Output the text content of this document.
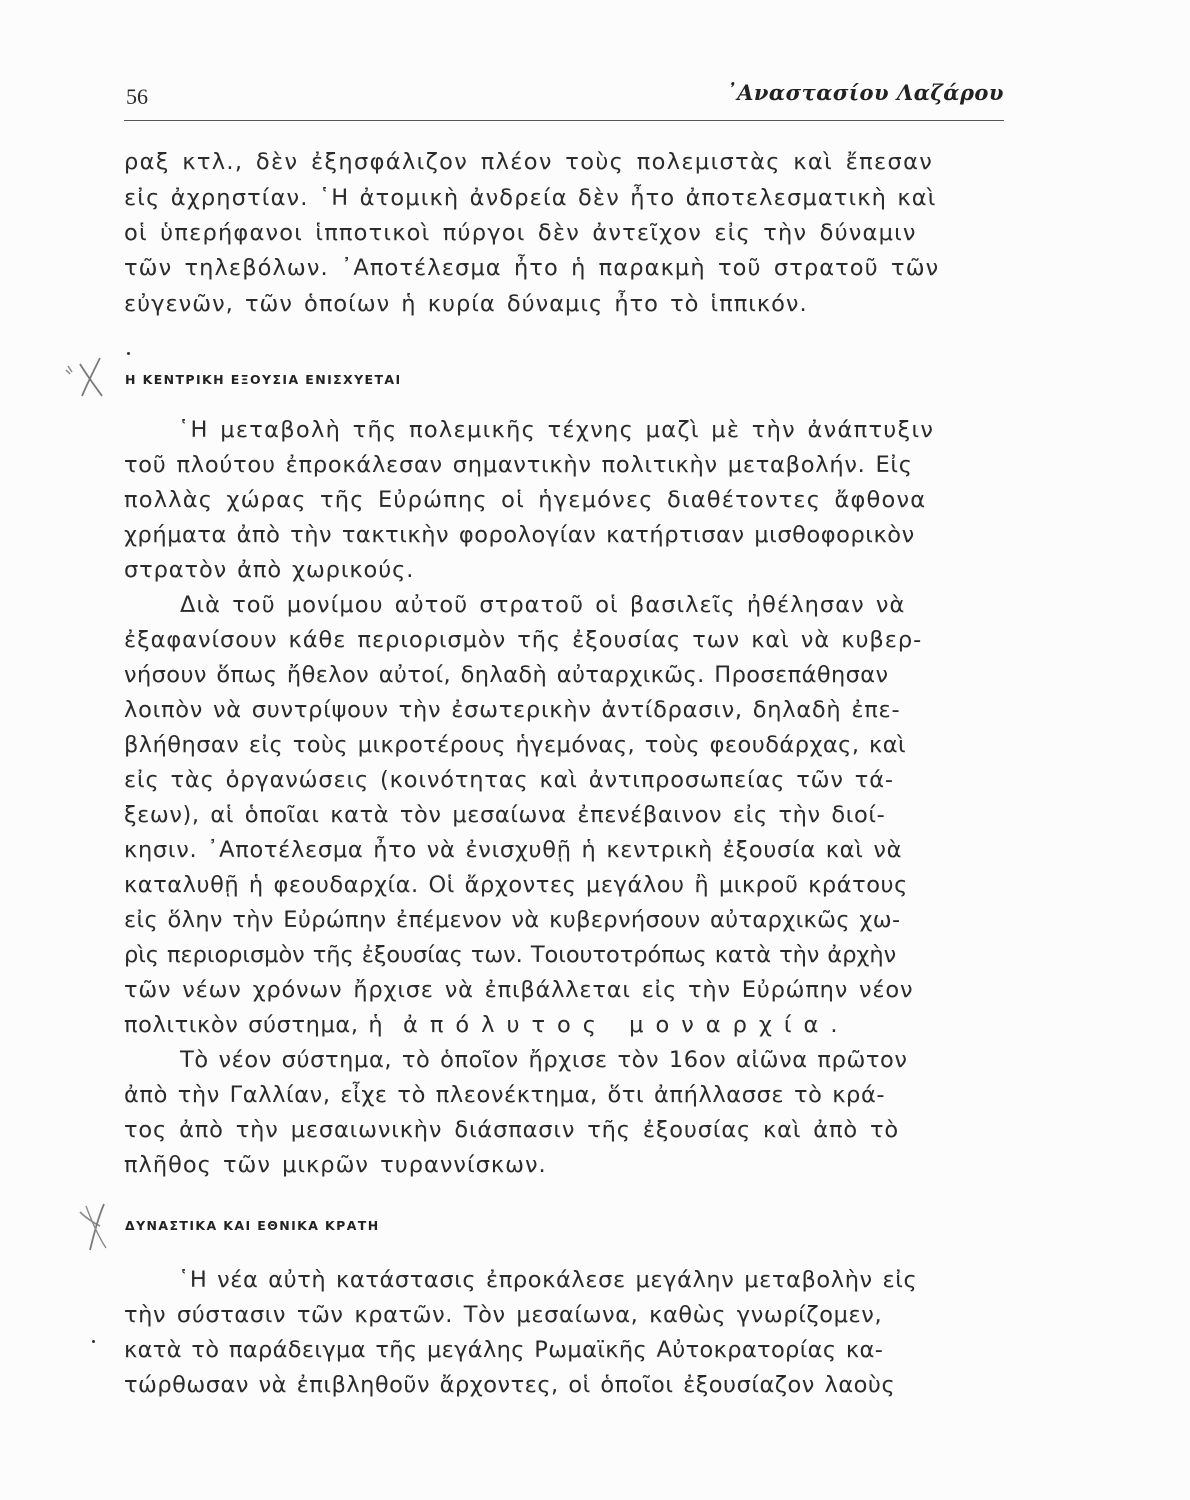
56	᾿Αναστασίου Λαζάρου
ραξ κτλ., δὲν ἐξησφάλιζον πλέον τοὺς πολεμιστὰς καὶ ἔπεσαν
εἰς ἀχρηστίαν. ῾Η ἀτομικὴ ἀνδρεία δὲν ἦτο ἀποτελεσματικὴ καὶ
οἱ ὑπερήφανοι ἱπποτικοὶ πύργοι δὲν ἀντεῖχον εἰς τὴν δύναμιν
τῶν τηλεβόλων. ᾿Αποτέλεσμα ἦτο ἡ παρακμὴ τοῦ στρατοῦ τῶν
εὐγενῶν, τῶν ὁποίων ἡ κυρία δύναμις ἦτο τὸ ἱππικόν.
Η ΚΕΝΤΡΙΚΗ ΕΞΟΥΣΙΑ ΕΝΙΣΧΥΕΤΑΙ
῾Η μεταβολὴ τῆς πολεμικῆς τέχνης μαζὶ μὲ τὴν ἀνάπτυξιν
τοῦ πλούτου ἐπροκάλεσαν σημαντικὴν πολιτικὴν μεταβολήν. Εἰς
πολλὰς χώρας τῆς Εὐρώπης οἱ ἡγεμόνες διαθέτοντες ἄφθονα
χρήματα ἀπὸ τὴν τακτικὴν φορολογίαν κατήρτισαν μισθοφορικὸν
στρατὸν ἀπὸ χωρικούς.
Διὰ τοῦ μονίμου αὐτοῦ στρατοῦ οἱ βασιλεῖς ἠθέλησαν νὰ
ἐξαφανίσουν κάθε περιορισμὸν τῆς ἐξουσίας των καὶ νὰ κυβερ-
νήσουν ὅπως ἤθελον αὐτοί, δηλαδὴ αὐταρχικῶς. Προσεπάθησαν
λοιπὸν νὰ συντρίψουν τὴν ἐσωτερικὴν ἀντίδρασιν, δηλαδὴ ἐπε-
βλήθησαν εἰς τοὺς μικροτέρους ἡγεμόνας, τοὺς φεουδάρχας, καὶ
εἰς τὰς ὀργανώσεις (κοινότητας καὶ ἀντιπροσωπείας τῶν τά-
ξεων), αἱ ὁποῖαι κατὰ τὸν μεσαίωνα ἐπενέβαινον εἰς τὴν διοί-
κησιν. ᾿Αποτέλεσμα ἦτο νὰ ἐνισχυθῇ ἡ κεντρικὴ ἐξουσία καὶ νὰ
καταλυθῇ ἡ φεουδαρχία. Οἱ ἄρχοντες μεγάλου ἢ μικροῦ κράτους
εἰς ὅλην τὴν Εὐρώπην ἐπέμενον νὰ κυβερνήσουν αὐταρχικῶς χω-
ρὶς περιορισμὸν τῆς ἐξουσίας των. Τοιουτοτρόπως κατὰ τὴν ἀρχὴν
τῶν νέων χρόνων ἤρχισε νὰ ἐπιβάλλεται εἰς τὴν Εὐρώπην νέον
πολιτικὸν σύστημα, ἡ ἀπόλυτος μοναρχία.
Τὸ νέον σύστημα, τὸ ὁποῖον ἤρχισε τὸν 16ον αἰῶνα πρῶτον
ἀπὸ τὴν Γαλλίαν, εἶχε τὸ πλεονέκτημα, ὅτι ἀπήλλασσε τὸ κρά-
τος ἀπὸ τὴν μεσαιωνικὴν διάσπασιν τῆς ἐξουσίας καὶ ἀπὸ τὸ
πλῆθος τῶν μικρῶν τυραννίσκων.
ΔΥΝΑΣΤΙΚΑ ΚΑΙ ΕΘΝΙΚΑ ΚΡΑΤΗ
῾Η νέα αὐτὴ κατάστασις ἐπροκάλεσε μεγάλην μεταβολὴν εἰς
τὴν σύστασιν τῶν κρατῶν. Τὸν μεσαίωνα, καθὼς γνωρίζομεν,
κατὰ τὸ παράδειγμα τῆς μεγάλης Ρωμαϊκῆς Αὐτοκρατορίας κα-
τώρθωσαν νὰ ἐπιβληθοῦν ἄρχοντες, οἱ ὁποῖοι ἐξουσίαζον λαοὺς
